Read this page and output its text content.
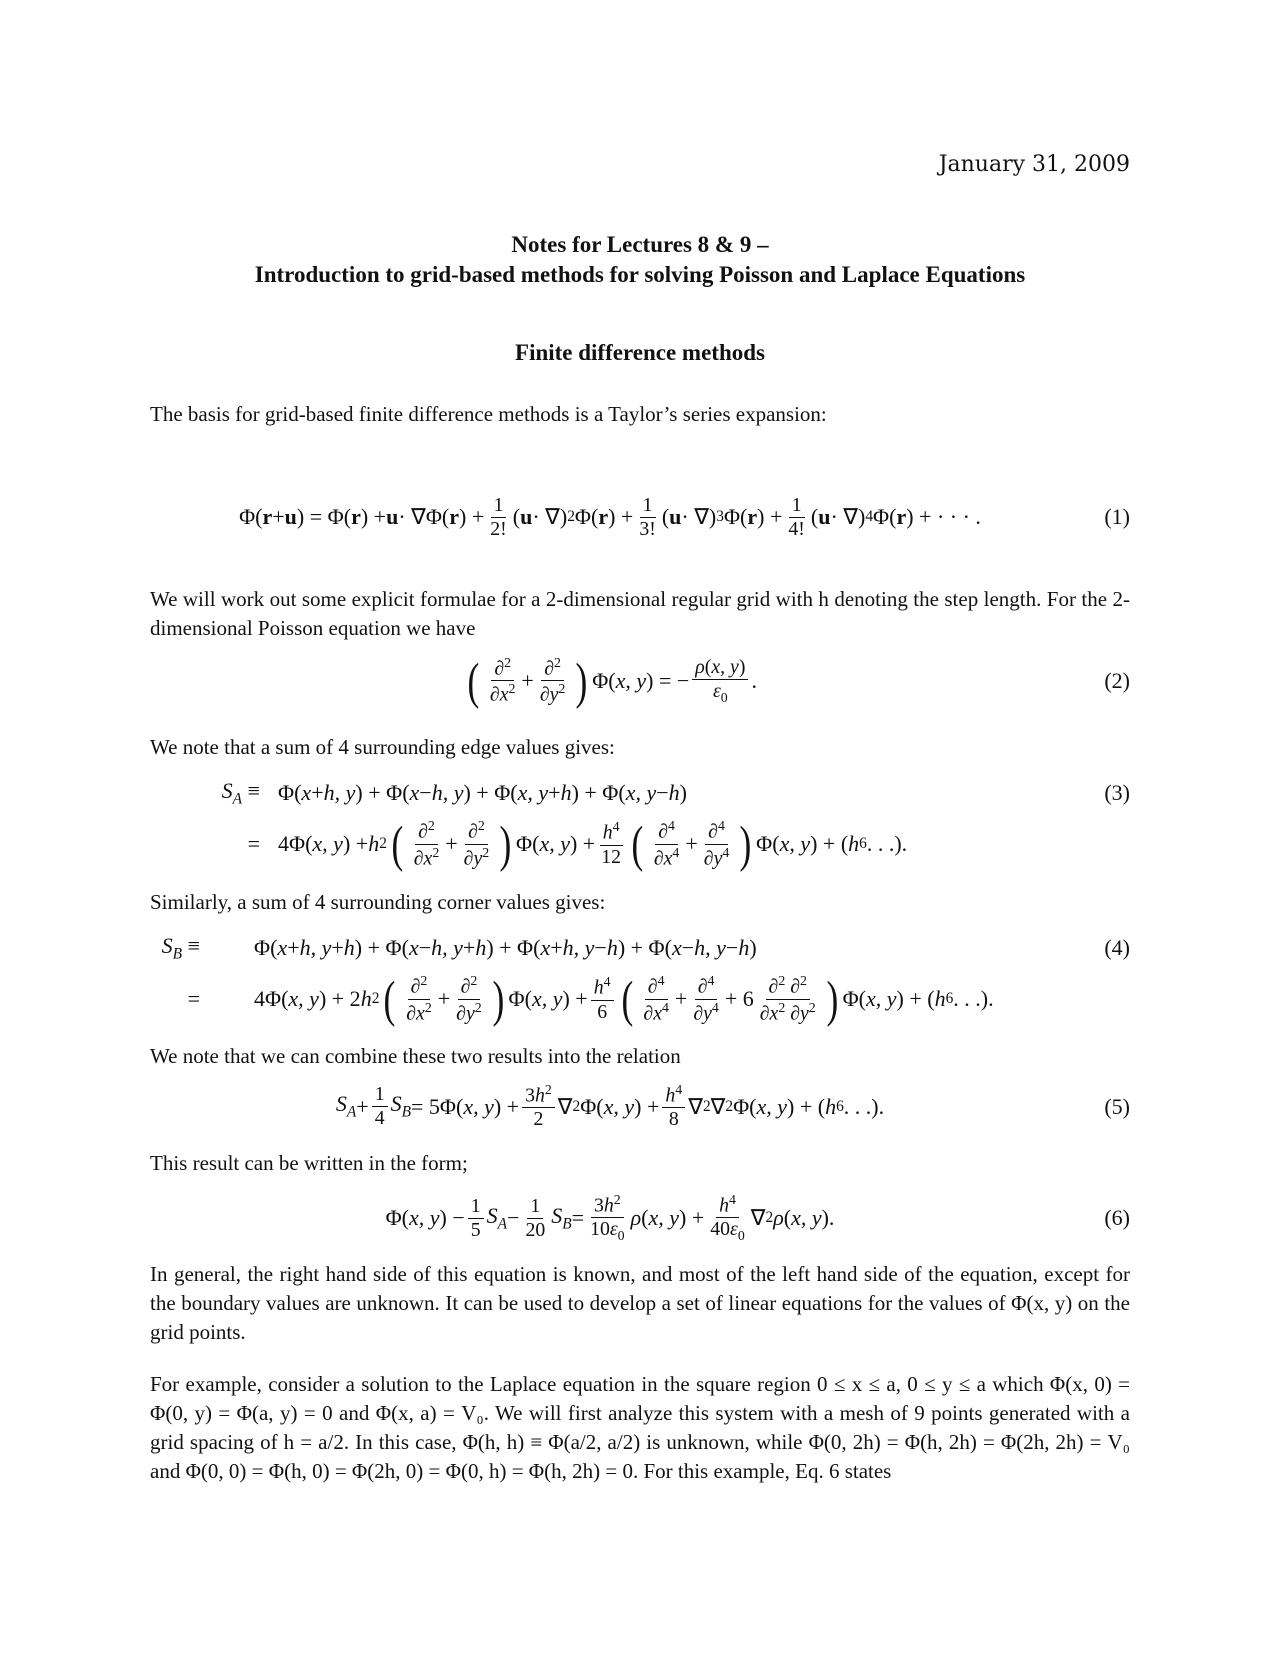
January 31, 2009
Notes for Lectures 8 & 9 –
Introduction to grid-based methods for solving Poisson and Laplace Equations
Finite difference methods
The basis for grid-based finite difference methods is a Taylor’s series expansion:
Φ( r + u ) = Φ( r ) + u · ∇Φ( r ) + $\frac{1}{2!}$ ( u · ∇) 2 Φ( r ) + $\frac{1}{3!}$ ( u · ∇) 3 Φ( r ) + $\frac{1}{4!}$ ( u · ∇) 4 Φ( r ) + · · · .	(1)
We will work out some explicit formulae for a 2-dimensional regular grid with h denoting the step length. For the 2-dimensional Poisson equation we have
( $\frac{\partial^2}{\partial x^2} + \frac{\partial^2}{\partial y^2}$ ) Φ( x, y ) = − $\frac{\rho(x, y)}{\varepsilon_0}$ .	(2)
We note that a sum of 4 surrounding edge values gives:
$S_A \equiv \Phi$( x + h, y ) + Φ( x − h, y ) + Φ( x, y + h ) + Φ( x, y − h )	(3)
= 4Φ( x, y ) + h 2 ( $\frac{\partial^2}{\partial x^2} + \frac{\partial^2}{\partial y^2}$ ) Φ( x, y ) + $\frac{h^4}{12}$ ( $\frac{\partial^4}{\partial x^4} + \frac{\partial^4}{\partial y^4}$ ) Φ( x, y ) + ( h 6 . . .).
Similarly, a sum of 4 surrounding corner values gives:
$S_B$ ≡	Φ( x + h, y + h ) + Φ( x − h, y + h ) + Φ( x + h, y − h ) + Φ( x − h, y − h )	(4)
=	4Φ( x, y ) + 2 h 2 ( $\frac{\partial^2}{\partial x^2} + \frac{\partial^2}{\partial y^2}$ ) Φ( x, y ) + $\frac{h^4}{6}$ ( $\frac{\partial^4}{\partial x^4} + \frac{\partial^4}{\partial y^4} + 6 \frac{\partial^2 \partial^2}{\partial x^2 \partial y^2}$ ) Φ( x, y ) + ( h 6 . . .).
We note that we can combine these two results into the relation
$S_A + \frac{1}{4} S_B = 5\Phi$( x, y ) + $\frac{3h^2}{2}$ ∇ 2 Φ( x, y ) + $\frac{h^4}{8}$ ∇ 2 ∇ 2 Φ( x, y ) + ( h 6 . . .).	(5)
This result can be written in the form;
Φ( x, y ) − $\frac{1}{5} S_A - \frac{1}{20} S_B = \frac{3h^2}{10\varepsilon_0}$ ρ ( x, y ) + $\frac{h^4}{40\varepsilon_0}$ ∇ 2 ρ ( x, y ).	(6)
In general, the right hand side of this equation is known, and most of the left hand side of the equation, except for the boundary values are unknown. It can be used to develop a set of linear equations for the values of Φ(x, y) on the grid points.
For example, consider a solution to the Laplace equation in the square region 0 ≤ x ≤ a, 0 ≤ y ≤ a which Φ(x, 0) = Φ(0, y) = Φ(a, y) = 0 and Φ(x, a) = V₀. We will first analyze this system with a mesh of 9 points generated with a grid spacing of h = a/2. In this case, Φ(h, h) ≡ Φ(a/2, a/2) is unknown, while Φ(0, 2h) = Φ(h, 2h) = Φ(2h, 2h) = V₀ and Φ(0, 0) = Φ(h, 0) = Φ(2h, 0) = Φ(0, h) = Φ(h, 2h) = 0. For this example, Eq. 6 states
